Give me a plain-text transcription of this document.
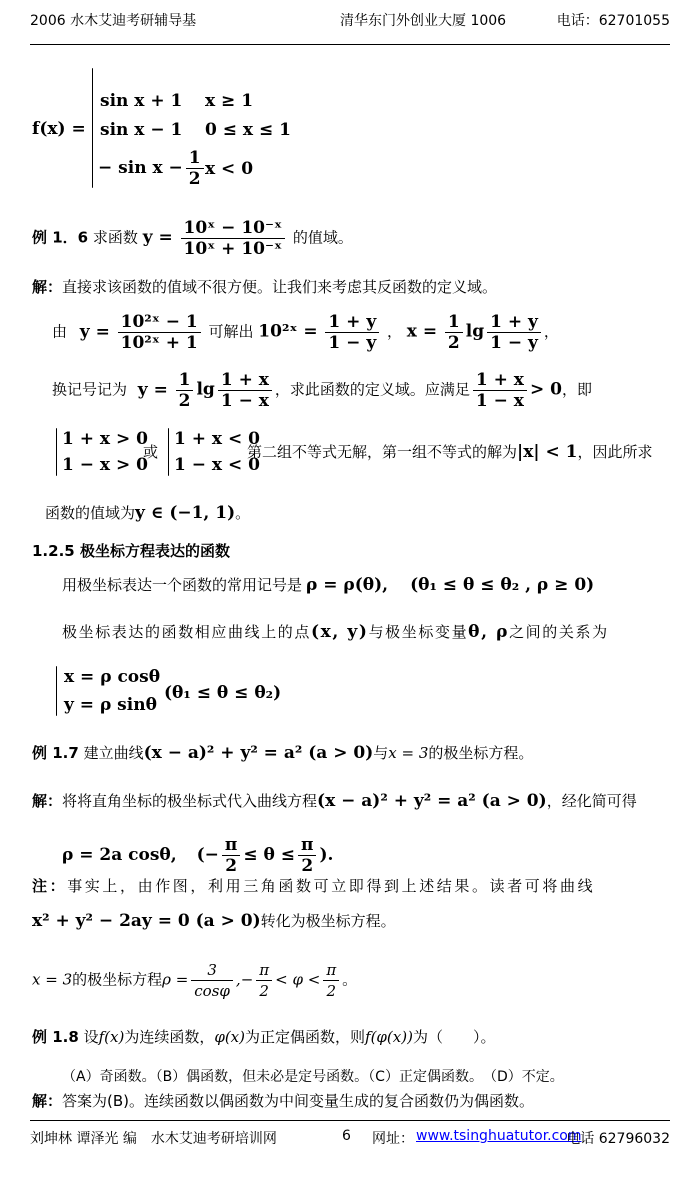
2006 水木艾迪考研辅导基	清华东门外创业大厦 1006	电话：62701055
f(x) =
sin x + 1 x ≥ 1
sin x − 1 0 ≤ x ≤ 1
− $\sin x - \frac{1}{2}$ x < 0
例 1．6 求函数 $y = \frac{\text{10ˣ − 10⁻ˣ}}{\text{10ˣ + 10⁻ˣ}}$ 的值域。
解：直接求该函数的值域不很方便。让我们来考虑其反函数的定义域。
由 $y = \frac{\text{10²ˣ − 1}}{\text{10²ˣ + 1}}$ 可解出 10²ˣ = $\frac{1 + y}{1 - y}$ ， $x = \frac{1}{2}$ $\lg \frac{1 + y}{1 - y}$ ，
换记号记为 $y = \frac{1}{2}$ $\lg \frac{1 + x}{1 - x}$ ，求此函数的定义域。应满足 $\frac{1 + x}{1 - x} > 0$，即
1 + x > 0
1 − x > 0
或
1 + x < 0
1 − x < 0
第二组不等式无解，第一组不等式的解为|x| < 1，因此所求
函数的值域为y ∈ (−1, 1)。
1.2.5 极坐标方程表达的函数
用极坐标表达一个函数的常用记号是 ρ = ρ(θ), (θ₁ ≤ θ ≤ θ₂ , ρ ≥ 0)
极坐标表达的函数相应曲线上的点(x, y)与极坐标变量θ, ρ之间的关系为
x = ρ cosθ
y = ρ sinθ
(θ₁ ≤ θ ≤ θ₂)
例 1.7 建立曲线(x − a)² + y² = a² (a > 0)与x = 3的极坐标方程。
解：将将直角坐标的极坐标式代入曲线方程(x − a)² + y² = a² (a > 0)，经化简可得
ρ = 2a cosθ, (− $\frac{\pi}{2} \le \theta \le \frac{\pi}{2}$ ).
注：事实上，由作图，利用三角函数可立即得到上述结果。读者可将曲线
x² + y² − 2ay = 0 (a > 0)转化为极坐标方程。
x = 3的极坐标方程$\rho = \frac{3}{\cos\varphi}$ ,− $\frac{\pi}{2} < \varphi < \frac{\pi}{2}$ 。
例 1.8 设f(x)为连续函数，φ(x)为正定偶函数，则f(φ(x))为（　　）。
（A）奇函数。（B）偶函数，但未必是定号函数。（C）正定偶函数。　（D）不定。
解：答案为(B)。连续函数以偶函数为中间变量生成的复合函数仍为偶函数。
刘坤林 谭泽光 编　水木艾迪考研培训网	6 网址： www.tsinghuatutor.com
电话 62796032
